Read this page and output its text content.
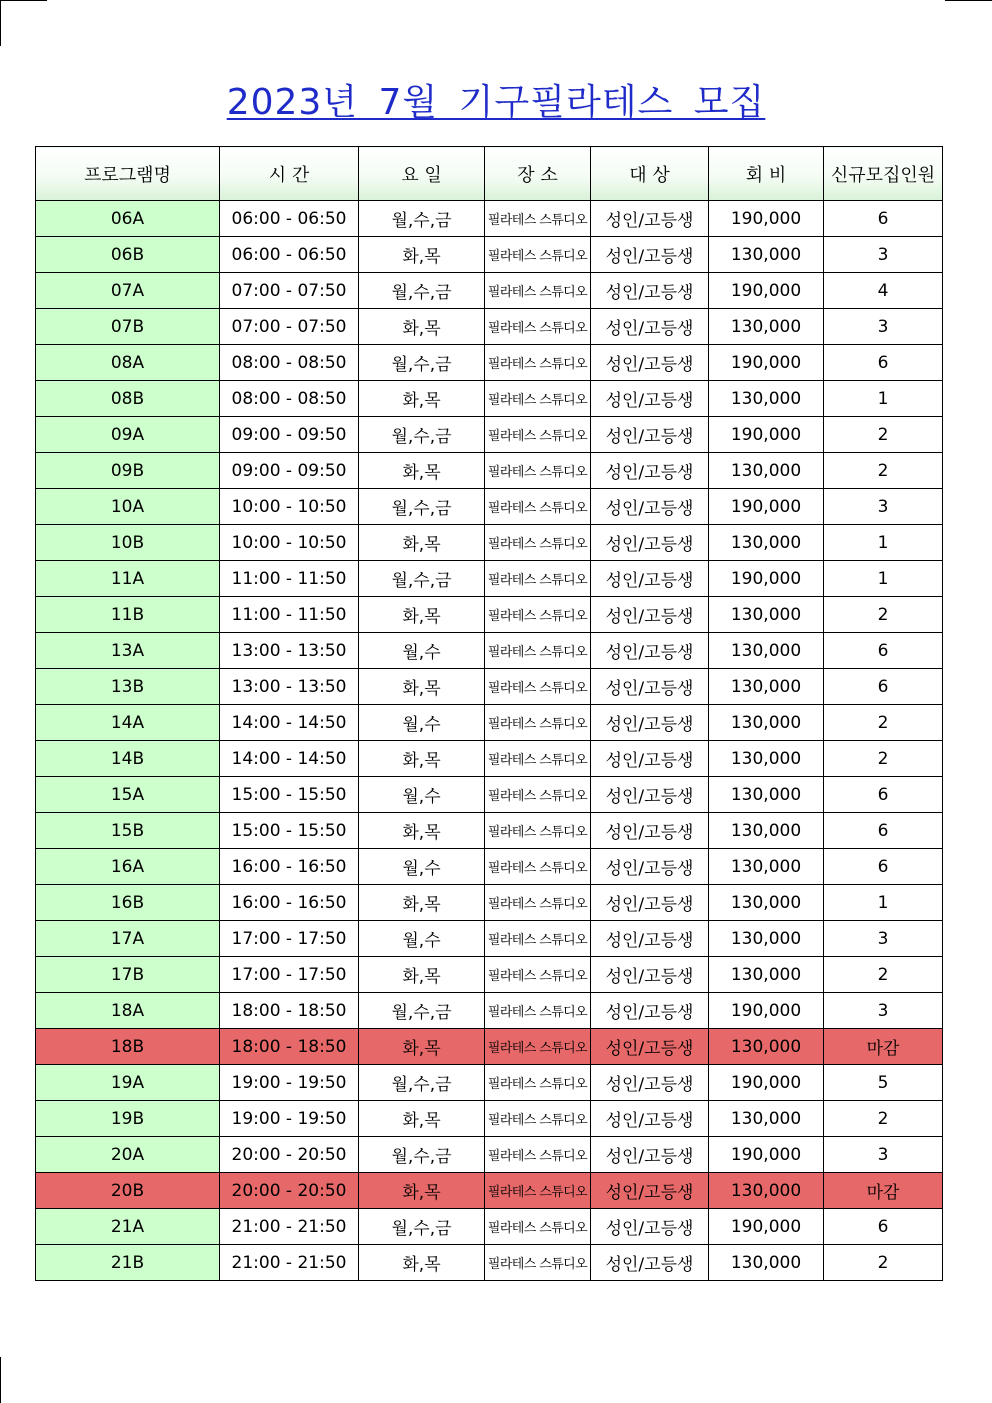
2023년 7월 기구필라테스 모집
프로그램명	시 간	요 일	장 소	대 상	회 비	신규모집인원
06A	06:00 - 06:50	월,수,금	필라테스 스튜디오	성인/고등생	190,000	6
06B	06:00 - 06:50	화,목	필라테스 스튜디오	성인/고등생	130,000	3
07A	07:00 - 07:50	월,수,금	필라테스 스튜디오	성인/고등생	190,000	4
07B	07:00 - 07:50	화,목	필라테스 스튜디오	성인/고등생	130,000	3
08A	08:00 - 08:50	월,수,금	필라테스 스튜디오	성인/고등생	190,000	6
08B	08:00 - 08:50	화,목	필라테스 스튜디오	성인/고등생	130,000	1
09A	09:00 - 09:50	월,수,금	필라테스 스튜디오	성인/고등생	190,000	2
09B	09:00 - 09:50	화,목	필라테스 스튜디오	성인/고등생	130,000	2
10A	10:00 - 10:50	월,수,금	필라테스 스튜디오	성인/고등생	190,000	3
10B	10:00 - 10:50	화,목	필라테스 스튜디오	성인/고등생	130,000	1
11A	11:00 - 11:50	월,수,금	필라테스 스튜디오	성인/고등생	190,000	1
11B	11:00 - 11:50	화,목	필라테스 스튜디오	성인/고등생	130,000	2
13A	13:00 - 13:50	월,수	필라테스 스튜디오	성인/고등생	130,000	6
13B	13:00 - 13:50	화,목	필라테스 스튜디오	성인/고등생	130,000	6
14A	14:00 - 14:50	월,수	필라테스 스튜디오	성인/고등생	130,000	2
14B	14:00 - 14:50	화,목	필라테스 스튜디오	성인/고등생	130,000	2
15A	15:00 - 15:50	월,수	필라테스 스튜디오	성인/고등생	130,000	6
15B	15:00 - 15:50	화,목	필라테스 스튜디오	성인/고등생	130,000	6
16A	16:00 - 16:50	월,수	필라테스 스튜디오	성인/고등생	130,000	6
16B	16:00 - 16:50	화,목	필라테스 스튜디오	성인/고등생	130,000	1
17A	17:00 - 17:50	월,수	필라테스 스튜디오	성인/고등생	130,000	3
17B	17:00 - 17:50	화,목	필라테스 스튜디오	성인/고등생	130,000	2
18A	18:00 - 18:50	월,수,금	필라테스 스튜디오	성인/고등생	190,000	3
18B	18:00 - 18:50	화,목	필라테스 스튜디오	성인/고등생	130,000	마감
19A	19:00 - 19:50	월,수,금	필라테스 스튜디오	성인/고등생	190,000	5
19B	19:00 - 19:50	화,목	필라테스 스튜디오	성인/고등생	130,000	2
20A	20:00 - 20:50	월,수,금	필라테스 스튜디오	성인/고등생	190,000	3
20B	20:00 - 20:50	화,목	필라테스 스튜디오	성인/고등생	130,000	마감
21A	21:00 - 21:50	월,수,금	필라테스 스튜디오	성인/고등생	190,000	6
21B	21:00 - 21:50	화,목	필라테스 스튜디오	성인/고등생	130,000	2
